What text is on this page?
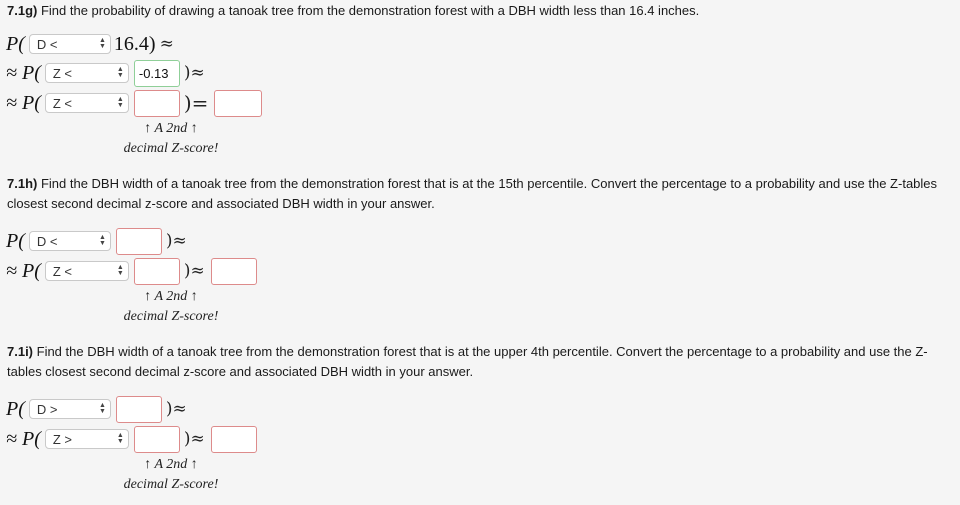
7.1g) Find the probability of drawing a tanoak tree from the demonstration forest with a DBH width less than 16.4 inches.
P( D <	▲
▼ 16.4) ≈
≈ P( Z <	▲
▼	-0.13 )≈
≈ P( Z <	▲
▼	)=
↑ A 2nd ↑
decimal Z-score!
7.1h) Find the DBH width of a tanoak tree from the demonstration forest that is at the 15th percentile. Convert the percentage to a probability and use the Z-tables closest second decimal z-score and associated DBH width in your answer.
P( D <	▲
▼	)≈
≈ P( Z <	▲
▼	)≈
↑ A 2nd ↑
decimal Z-score!
7.1i) Find the DBH width of a tanoak tree from the demonstration forest that is at the upper 4th percentile. Convert the percentage to a probability and use the Z-tables closest second decimal z-score and associated DBH width in your answer.
P( D >	▲
▼	)≈
≈ P( Z >	▲
▼	)≈
↑ A 2nd ↑
decimal Z-score!
